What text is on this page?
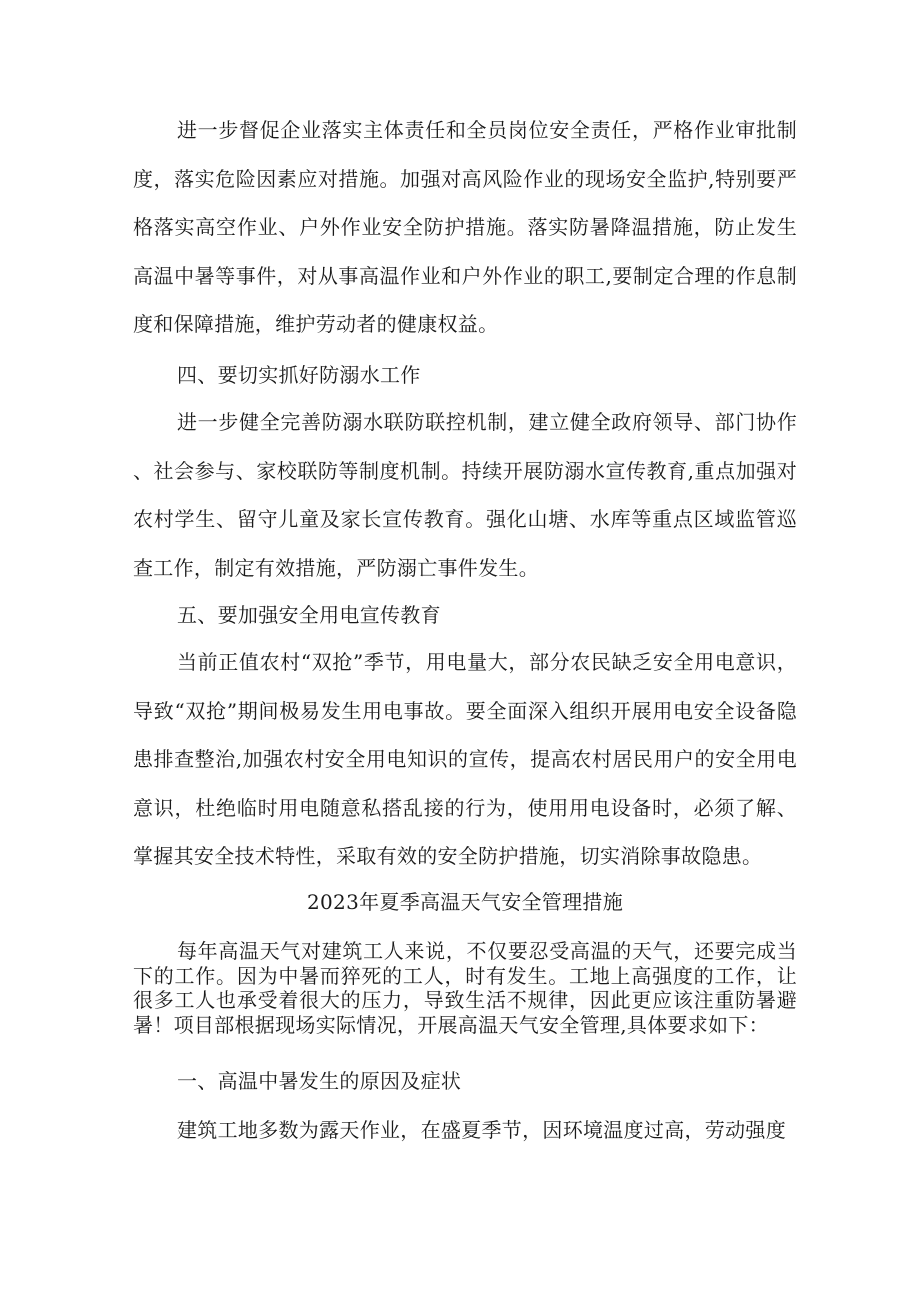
进一步督促企业落实主体责任和全员岗位安全责任，严格作业审批制度，落实危险因素应对措施。加强对高风险作业的现场安全监护,特别要严格落实高空作业、户外作业安全防护措施。落实防暑降温措施，防止发生高温中暑等事件，对从事高温作业和户外作业的职工,要制定合理的作息制度和保障措施，维护劳动者的健康权益。

四、要切实抓好防溺水工作

进一步健全完善防溺水联防联控机制，建立健全政府领导、部门协作、社会参与、家校联防等制度机制。持续开展防溺水宣传教育,重点加强对农村学生、留守儿童及家长宣传教育。强化山塘、水库等重点区域监管巡查工作，制定有效措施，严防溺亡事件发生。

五、要加强安全用电宣传教育

当前正值农村“双抢”季节，用电量大，部分农民缺乏安全用电意识，导致“双抢”期间极易发生用电事故。要全面深入组织开展用电安全设备隐患排查整治,加强农村安全用电知识的宣传，提高农村居民用户的安全用电意识，杜绝临时用电随意私搭乱接的行为，使用用电设备时，必须了解、掌握其安全技术特性，采取有效的安全防护措施，切实消除事故隐患。

2023年夏季高温天气安全管理措施

每年高温天气对建筑工人来说，不仅要忍受高温的天气，还要完成当下的工作。因为中暑而猝死的工人，时有发生。工地上高强度的工作，让很多工人也承受着很大的压力，导致生活不规律，因此更应该注重防暑避暑！项目部根据现场实际情况，开展高温天气安全管理,具体要求如下：

一、高温中暑发生的原因及症状

建筑工地多数为露天作业，在盛夏季节，因环境温度过高，劳动强度
